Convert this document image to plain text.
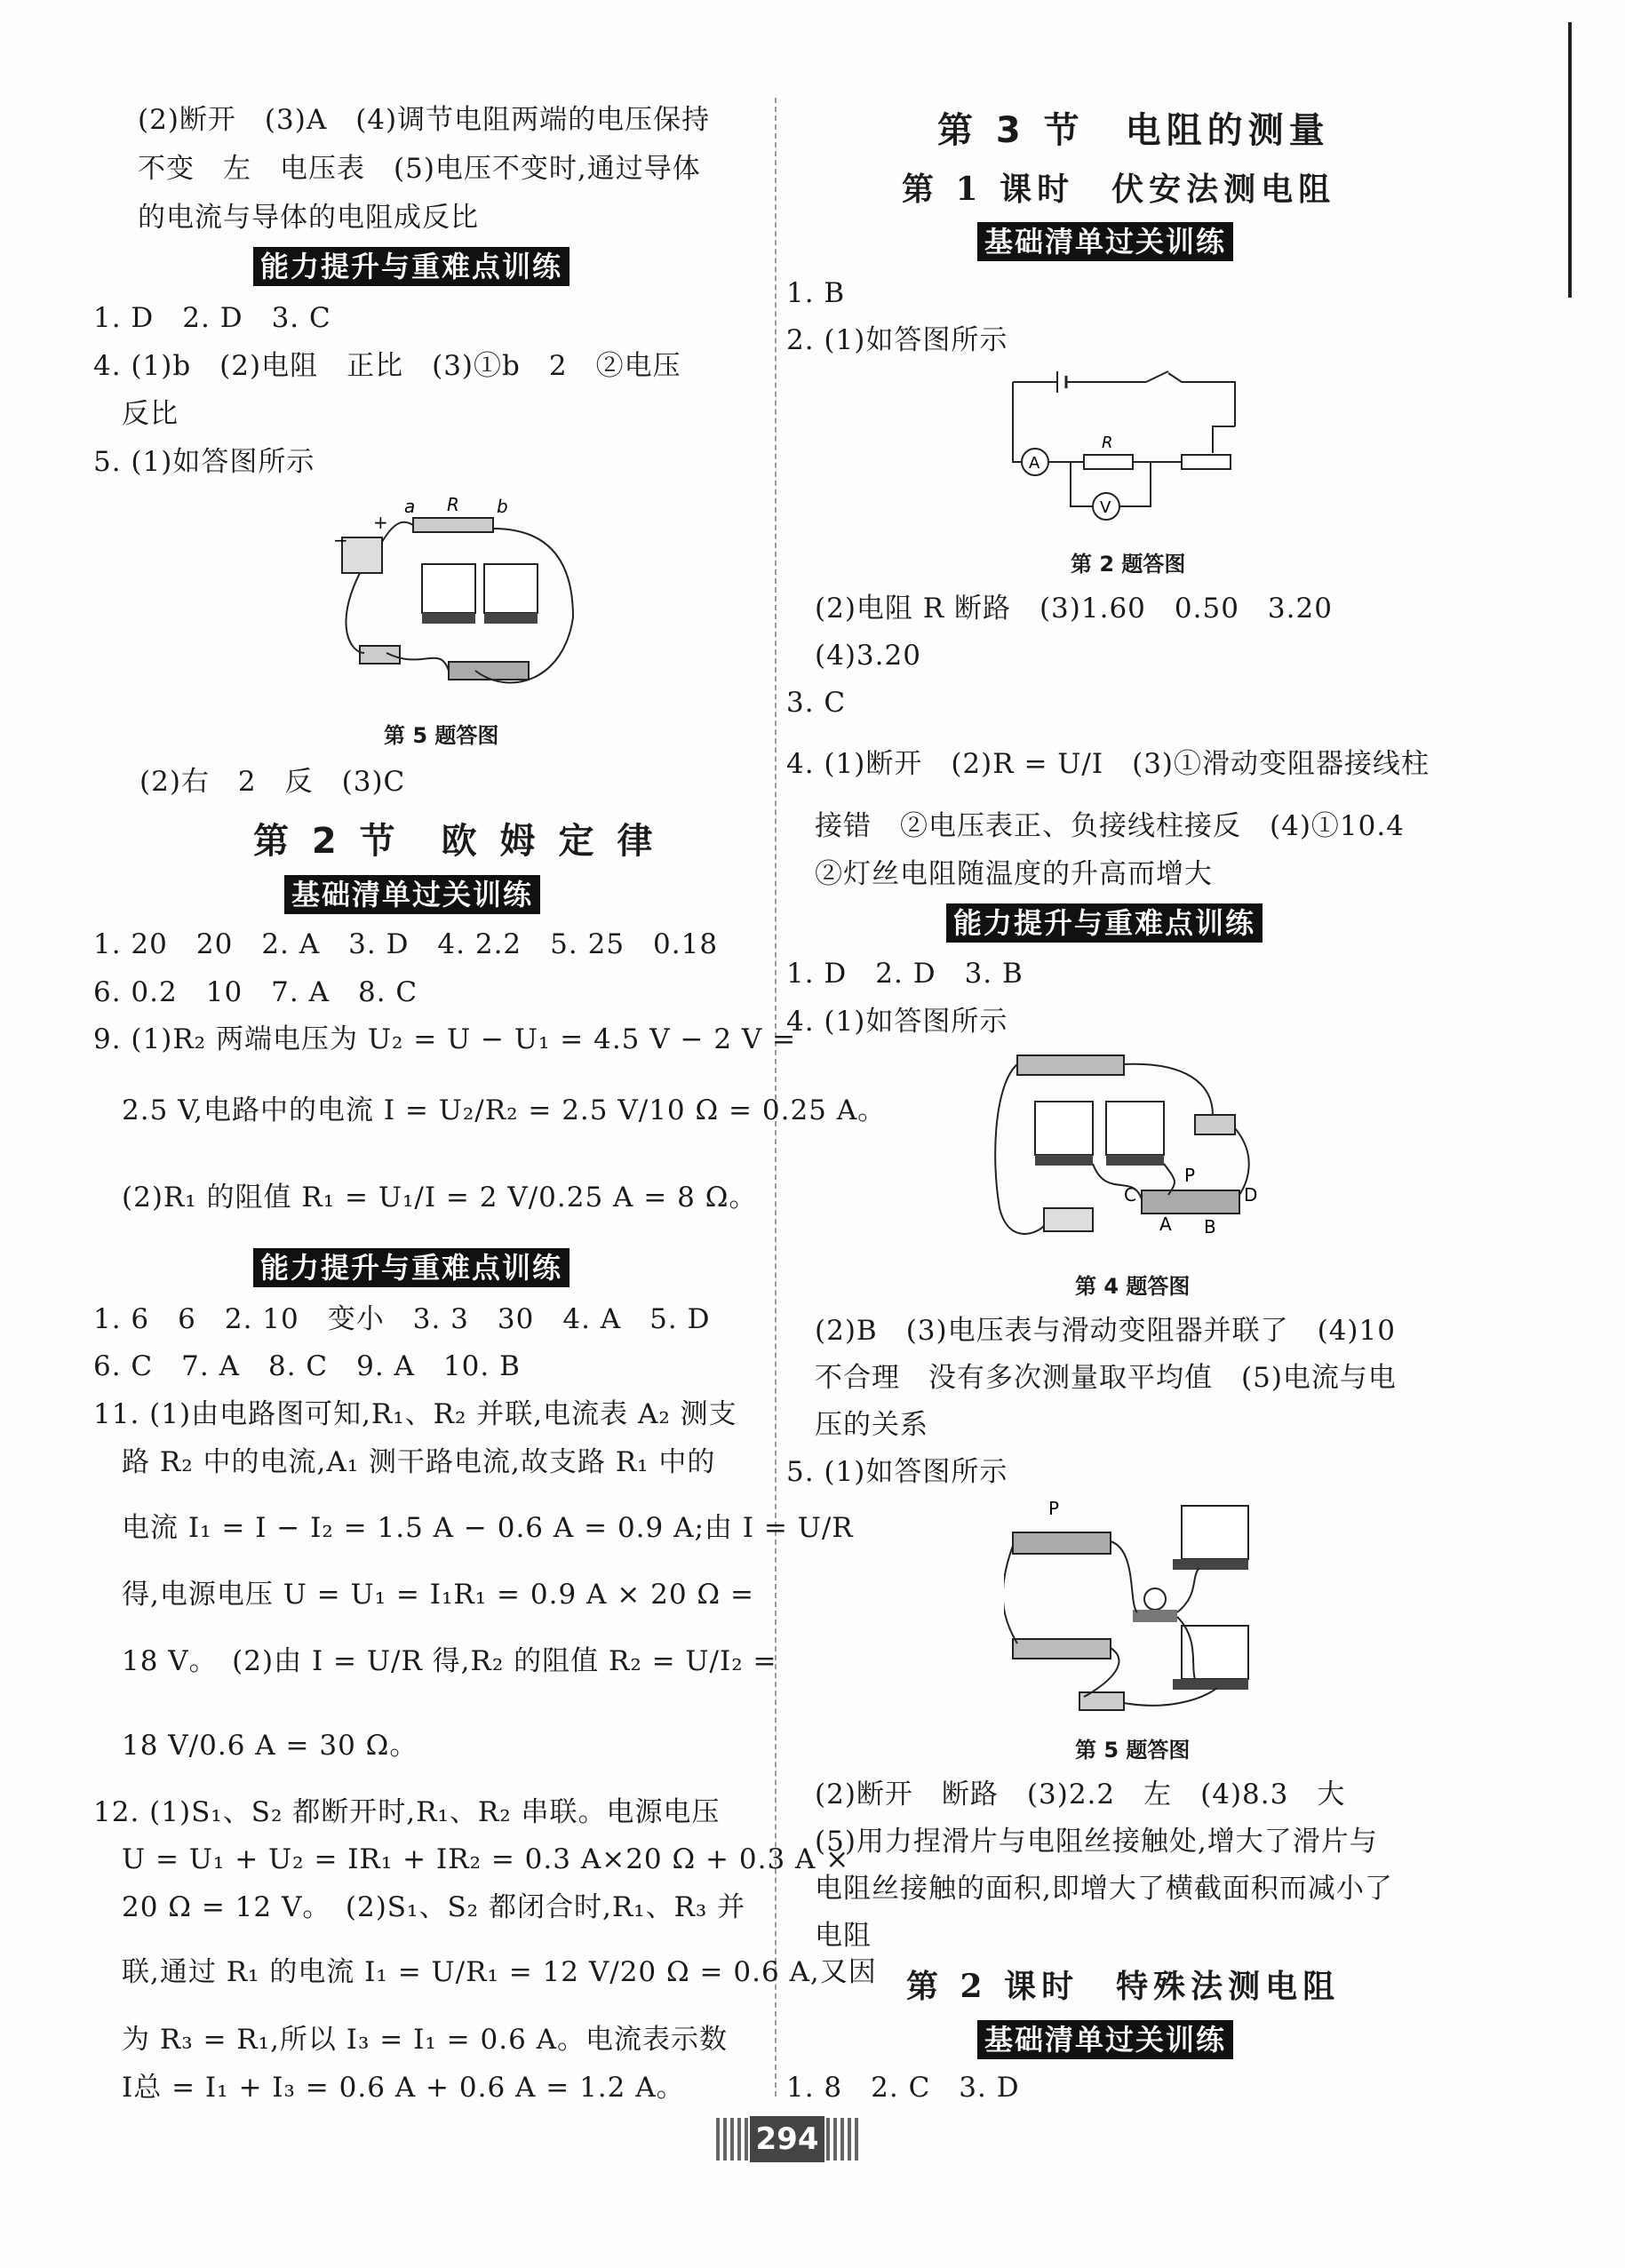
(2)断开　(3)A　(4)调节电阻两端的电压保持
不变　左　电压表　(5)电压不变时,通过导体
的电流与导体的电阻成反比
能力提升与重难点训练
1. D　2. D　3. C
4. (1)b　(2)电阻　正比　(3)①b　2　②电压
　反比
5. (1)如答图所示
−
+
a R b
第 5 题答图
　(2)右　2　反　(3)C
第 2 节　欧 姆 定 律
基础清单过关训练
1. 20　20　2. A　3. D　4. 2.2　5. 25　0.18
6. 0.2　10　7. A　8. C
9. (1)R₂ 两端电压为 U₂ = U − U₁ = 4.5 V − 2 V =
　2.5 V,电路中的电流 I = U₂/R₂ = 2.5 V/10 Ω = 0.25 A。
　(2)R₁ 的阻值 R₁ = U₁/I = 2 V/0.25 A = 8 Ω。
能力提升与重难点训练
1. 6　6　2. 10　变小　3. 3　30　4. A　5. D
6. C　7. A　8. C　9. A　10. B
11. (1)由电路图可知,R₁、R₂ 并联,电流表 A₂ 测支
　路 R₂ 中的电流,A₁ 测干路电流,故支路 R₁ 中的
　电流 I₁ = I − I₂ = 1.5 A − 0.6 A = 0.9 A;由 I = U/R
　得,电源电压 U = U₁ = I₁R₁ = 0.9 A × 20 Ω =
　18 V。　(2)由 I = U/R 得,R₂ 的阻值 R₂ = U/I₂ =
　18 V/0.6 A = 30 Ω。
12. (1)S₁、S₂ 都断开时,R₁、R₂ 串联。电源电压
　U = U₁ + U₂ = IR₁ + IR₂ = 0.3 A×20 Ω + 0.3 A ×
　20 Ω = 12 V。　(2)S₁、S₂ 都闭合时,R₁、R₃ 并
　联,通过 R₁ 的电流 I₁ = U/R₁ = 12 V/20 Ω = 0.6 A,又因
　为 R₃ = R₁,所以 I₃ = I₁ = 0.6 A。电流表示数
　I总 = I₁ + I₃ = 0.6 A + 0.6 A = 1.2 A。
第 3 节　电阻的测量
第 1 课时　伏安法测电阻
基础清单过关训练
1. B
2. (1)如答图所示
A
R
V
第 2 题答图
　(2)电阻 R 断路　(3)1.60　0.50　3.20
　(4)3.20
3. C
4. (1)断开　(2)R = U/I　(3)①滑动变阻器接线柱
　接错　②电压表正、负接线柱接反　(4)①10.4
　②灯丝电阻随温度的升高而增大
能力提升与重难点训练
1. D　2. D　3. B
4. (1)如答图所示
C
P
D
A B
第 4 题答图
　(2)B　(3)电压表与滑动变阻器并联了　(4)10
　不合理　没有多次测量取平均值　(5)电流与电
　压的关系
5. (1)如答图所示
P
第 5 题答图
　(2)断开　断路　(3)2.2　左　(4)8.3　大
　(5)用力捏滑片与电阻丝接触处,增大了滑片与
　电阻丝接触的面积,即增大了横截面积而减小了
　电阻
第 2 课时　特殊法测电阻
基础清单过关训练
1. 8　2. C　3. D
294
